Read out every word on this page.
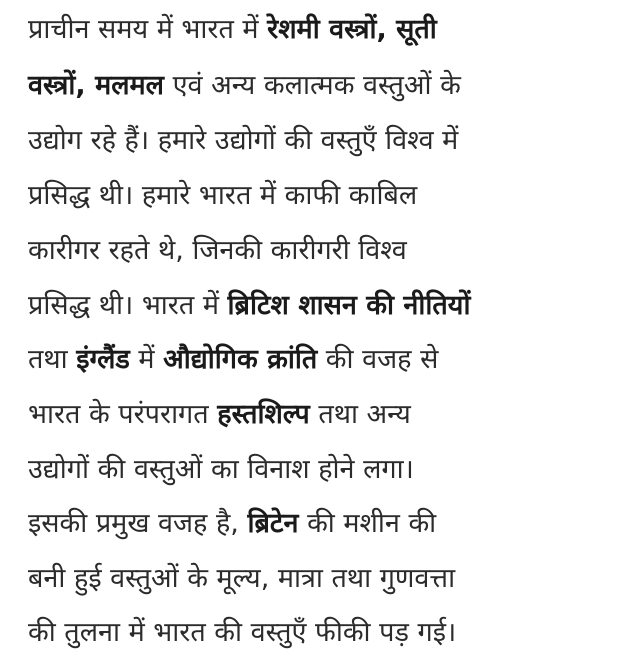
प्राचीन समय में भारत में रेशमी वस्त्रों, सूती
वस्त्रों, मलमल एवं अन्य कलात्मक वस्तुओं के
उद्योग रहे हैं। हमारे उद्योगों की वस्तुएँ विश्व में
प्रसिद्ध थी। हमारे भारत में काफी काबिल
कारीगर रहते थे, जिनकी कारीगरी विश्व
प्रसिद्ध थी। भारत में ब्रिटिश शासन की नीतियों
तथा इंग्लैंड में औद्योगिक क्रांति की वजह से
भारत के परंपरागत हस्तशिल्प तथा अन्य
उद्योगों की वस्तुओं का विनाश होने लगा।
इसकी प्रमुख वजह है, ब्रिटेन की मशीन की
बनी हुई वस्तुओं के मूल्य, मात्रा तथा गुणवत्ता
की तुलना में भारत की वस्तुएँ फीकी पड़ गई।
